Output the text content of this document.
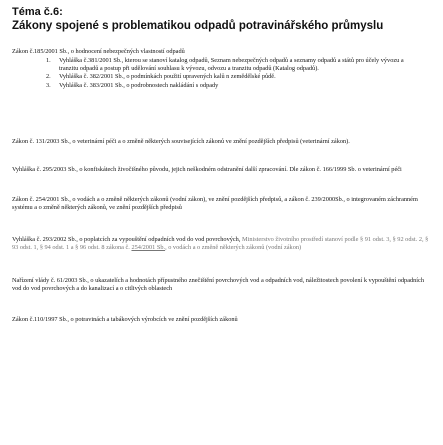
Téma č.6:
Zákony spojené s problematikou odpadů potravinářského průmyslu
Zákon č.185/2001 Sb., o hodnocení nebezpečných vlastností odpadů
1. Vyhláška č.381/2001 Sb., kterou se stanoví katalog odpadů, Seznam nebezpečných odpadů a seznamy odpadů a států pro účely vývozu a tranzitu odpadů a postup při udělování souhlasu k vývozu, odvozu a tranzitu odpadů (Katalog odpadů).
2. Vyhláška č. 382/2001 Sb., o podmínkách použití upravených kalů n zemědělské půdě.
3. Vyhláška č. 383/2001 Sb., o podrobnostech nakládání s odpady
Zákon č. 131/2003 Sb., o veterinární péči a o změně některých souvisejících zákonů ve znění pozdějších předpisů (veterinární zákon).
Vyhláška č. 295/2003 Sb., o konfiskátech živočišného původu, jejich neškodném odstranění další zpracování. Dle zákon č. 166/1999 Sb. o veterinární péči
Zákon č. 254/2001 Sb., o vodách a o změně některých zákonů (vodní zákon), ve znění pozdějších předpisů, a zákon č. 239/2000Sb., o integrovaném záchranném systému a o změně některých zákonů, ve znění pozdějších předpisů
Vyhláška č. 293/2002 Sb., o poplatcích za vypouštění odpadních vod do vod povrchových, Ministerstvo životního prostředí stanoví podle § 91 odst. 3, § 92 odst. 2, § 93 odst. 1, § 94 odst. 1 a § 96 odst. 8 zákona č. 254/2001 Sb., o vodách a o změně některých zákonů (vodní zákon)
Nařízení vlády č. 61/2003 Sb., o ukazatelích a hodnotách přípustného znečištění povrchových vod a odpadních vod, náležitostech povolení k vypouštění odpadních vod do vod povrchových a do kanalizací a o citlivých oblastech
Zákon č.110/1997 Sb., o potravinách a tabákových výrobcích ve znění pozdějších zákonů
